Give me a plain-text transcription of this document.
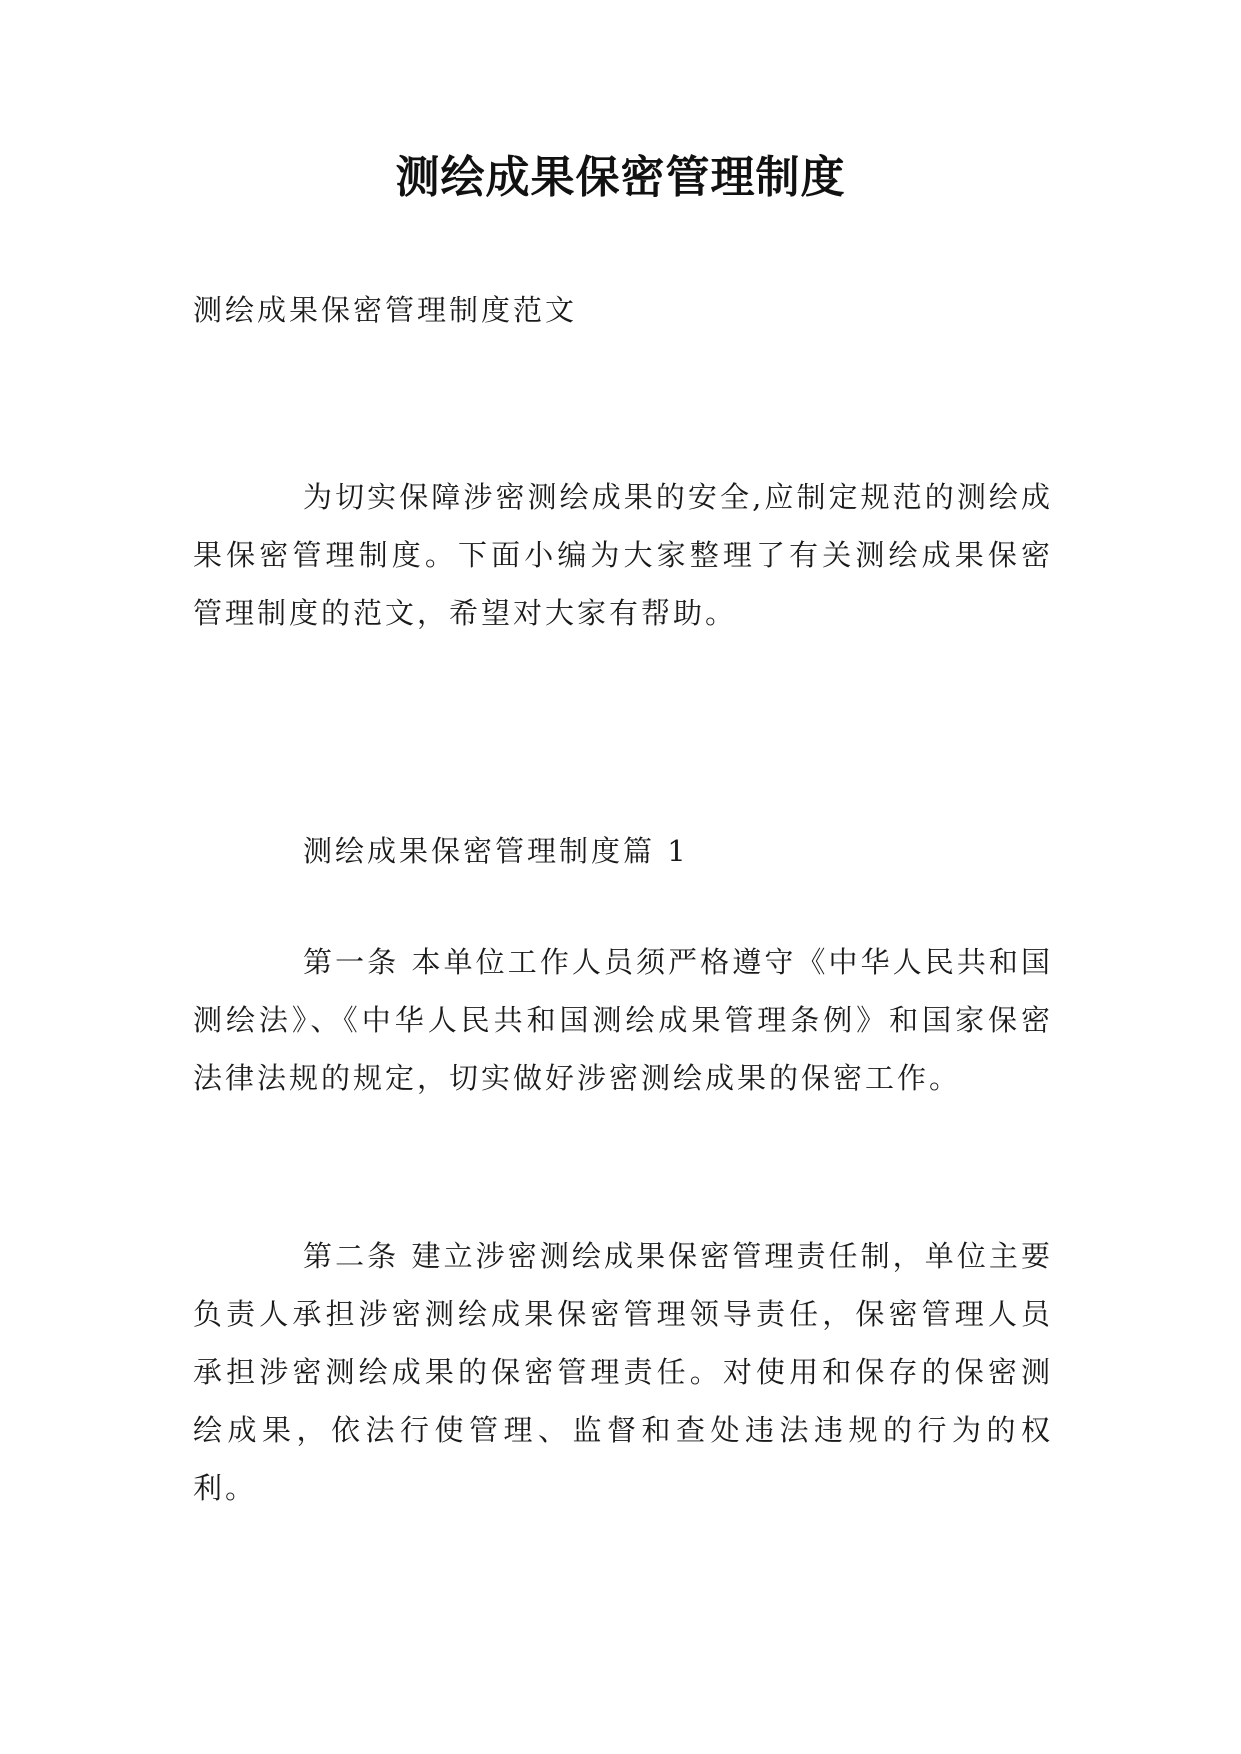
测绘成果保密管理制度
测绘成果保密管理制度范文

为切实保障涉密测绘成果的安全,应制定规范的测绘成果保密管理制度。下面小编为大家整理了有关测绘成果保密管理制度的范文，希望对大家有帮助。

测绘成果保密管理制度篇 1

第一条 本单位工作人员须严格遵守《中华人民共和国测绘法》、《中华人民共和国测绘成果管理条例》和国家保密法律法规的规定，切实做好涉密测绘成果的保密工作。

第二条 建立涉密测绘成果保密管理责任制，单位主要负责人承担涉密测绘成果保密管理领导责任，保密管理人员承担涉密测绘成果的保密管理责任。对使用和保存的保密测绘成果，依法行使管理、监督和查处违法违规的行为的权利。
